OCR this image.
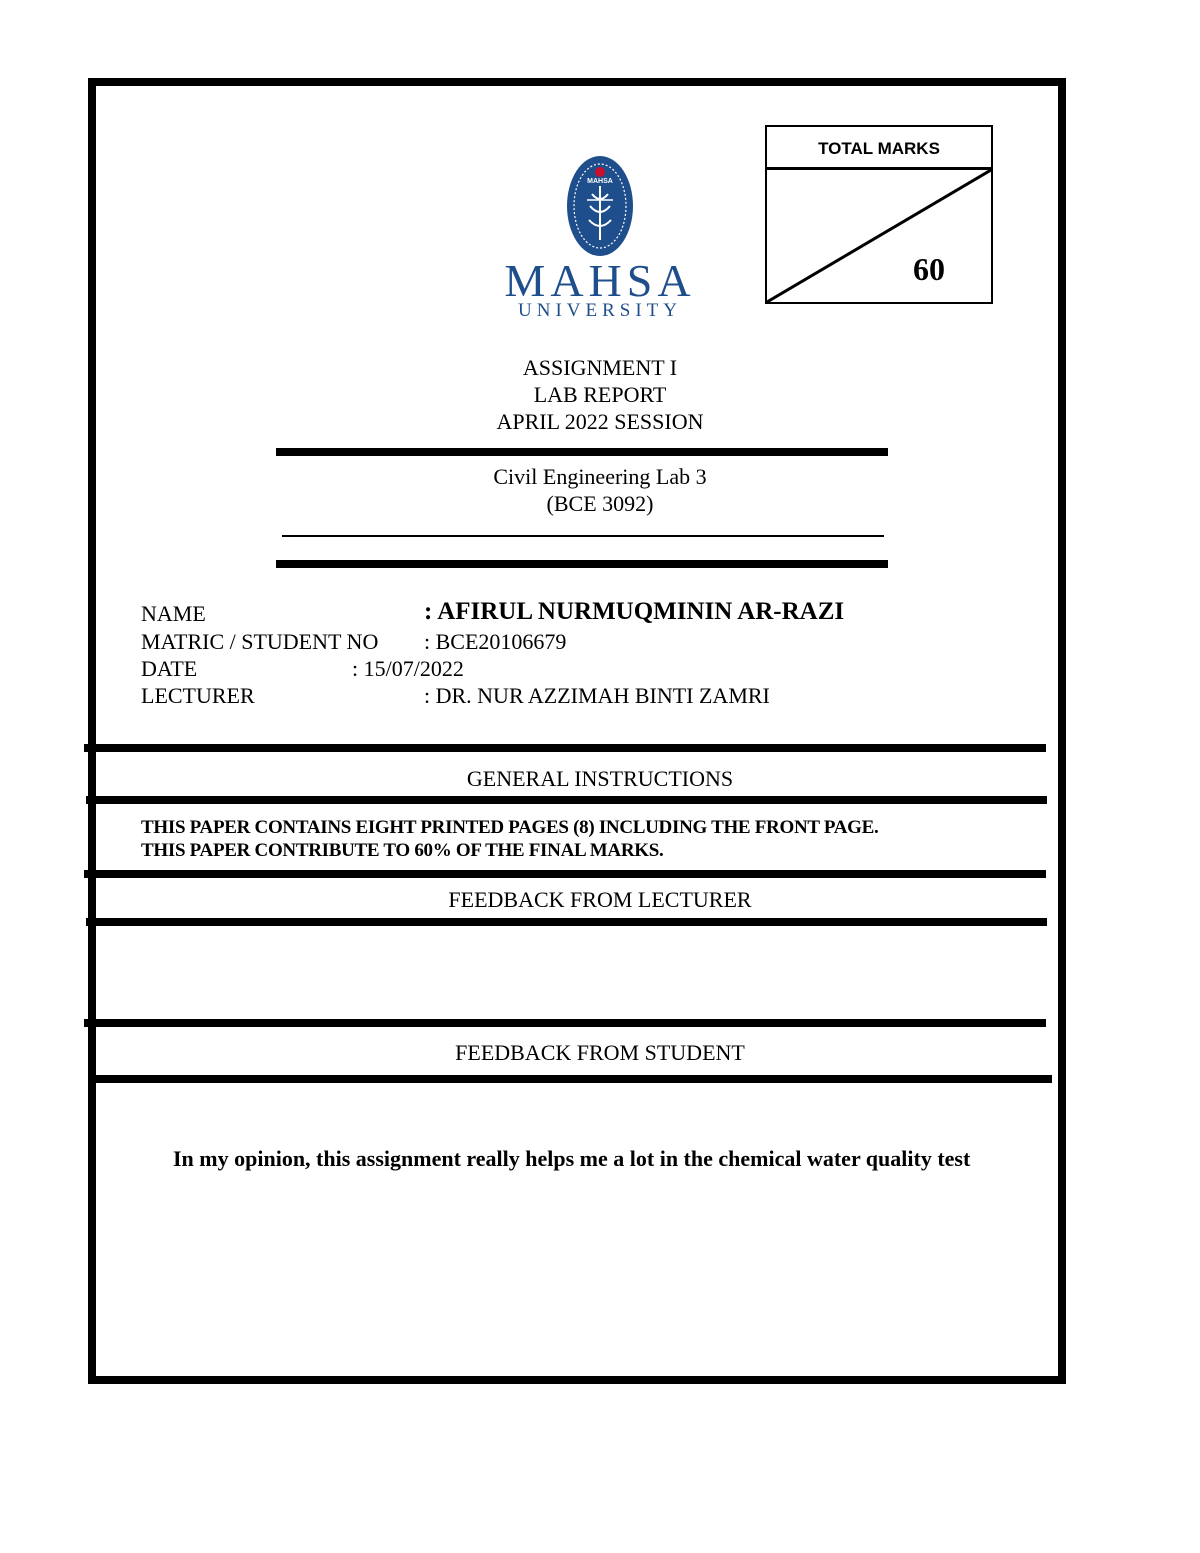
TOTAL MARKS
60
MAHSA
MAHSA
UNIVERSITY
ASSIGNMENT I
LAB REPORT
APRIL 2022 SESSION
Civil Engineering Lab 3
(BCE 3092)
NAME	: AFIRUL NURMUQMININ AR-RAZI
MATRIC / STUDENT NO : BCE20106679
DATE	: 15/07/2022
LECTURER	: DR. NUR AZZIMAH BINTI ZAMRI
GENERAL INSTRUCTIONS
THIS PAPER CONTAINS EIGHT PRINTED PAGES (8) INCLUDING THE FRONT PAGE.
THIS PAPER CONTRIBUTE TO 60% OF THE FINAL MARKS.
FEEDBACK FROM LECTURER
FEEDBACK FROM STUDENT
In my opinion, this assignment really helps me a lot in the chemical water quality test
